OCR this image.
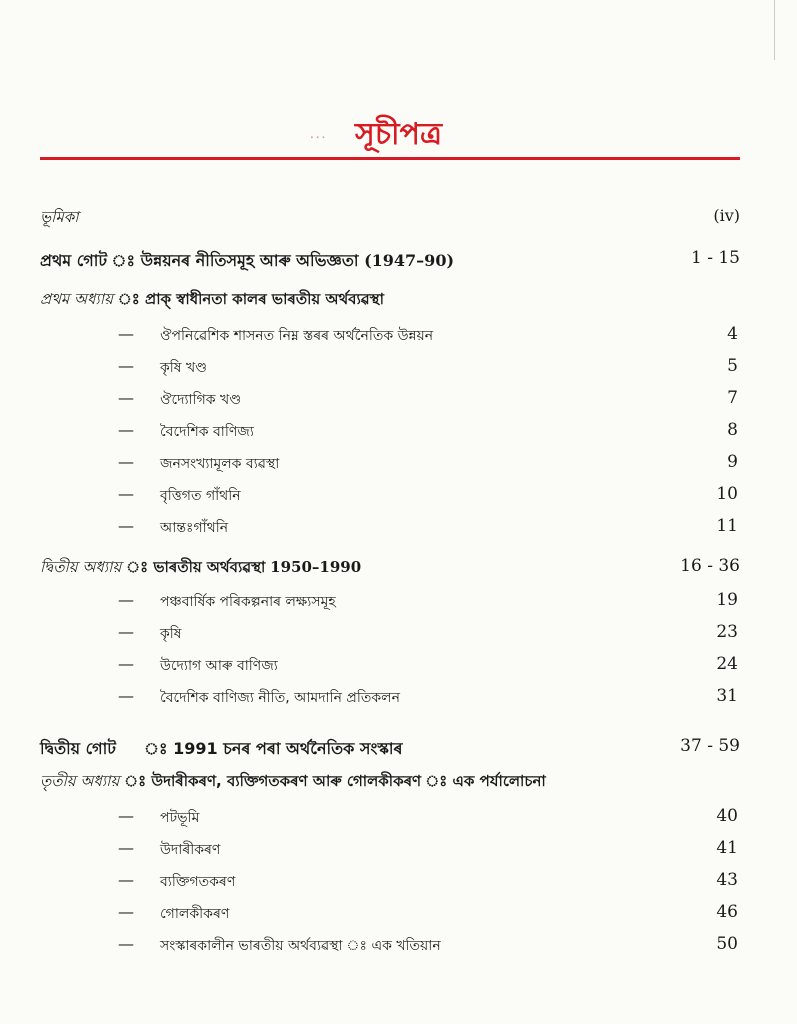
⸱⸱⸱ সূচীপত্ৰ
ভূমিকা	(iv)
প্ৰথম গোট ঃ উন্নয়নৰ নীতিসমূহ আৰু অভিজ্ঞতা (1947–90)	1 - 15
প্ৰথম অধ্যায় ঃ প্ৰাক্ স্বাধীনতা কালৰ ভাৰতীয় অৰ্থব্যৱস্থা
— ঔপনিৱেশিক শাসনত নিম্ন স্তৰৰ অৰ্থনৈতিক উন্নয়ন	4
— কৃষি খণ্ড	5
— ঔদ্যোগিক খণ্ড	7
— বৈদেশিক বাণিজ্য	8
— জনসংখ্যামূলক ব্যৱস্থা	9
— বৃত্তিগত গাঁথনি	10
— আন্তঃগাঁথনি	11
দ্বিতীয় অধ্যায় ঃ ভাৰতীয় অৰ্থব্যৱস্থা 1950–1990	16 - 36
— পঞ্চবাৰ্ষিক পৰিকল্পনাৰ লক্ষ্যসমূহ	19
— কৃষি	23
— উদ্যোগ আৰু বাণিজ্য	24
— বৈদেশিক বাণিজ্য নীতি, আমদানি প্ৰতিকলন	31
দ্বিতীয় গোট	ঃ 1991 চনৰ পৰা অৰ্থনৈতিক সংস্কাৰ	37 - 59
তৃতীয় অধ্যায় ঃ উদাৰীকৰণ, ব্যক্তিগতকৰণ আৰু গোলকীকৰণ ঃ এক পৰ্যালোচনা
— পটভূমি	40
— উদাৰীকৰণ	41
— ব্যক্তিগতকৰণ	43
— গোলকীকৰণ	46
— সংস্কাৰকালীন ভাৰতীয় অৰ্থব্যৱস্থা ঃ এক খতিয়ান	50
